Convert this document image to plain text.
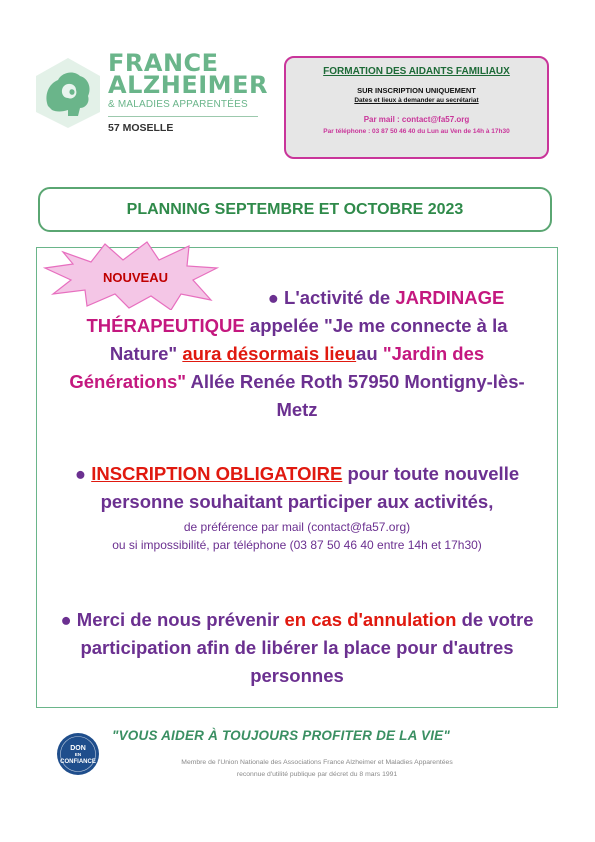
FRANCE
ALZHEIMER
& MALADIES APPARENTÉES
57 MOSELLE
FORMATION DES AIDANTS FAMILIAUX
SUR INSCRIPTION UNIQUEMENT
Dates et lieux à demander au secrétariat
Par mail : contact@fa57.org
Par téléphone : 03 87 50 46 40 du Lun au Ven de 14h à 17h30
PLANNING SEPTEMBRE ET OCTOBRE 2023
NOUVEAU
● L'activité de JARDINAGE THÉRAPEUTIQUE appelée "Je me connecte à la Nature" aura désormais lieuau "Jardin des Générations" Allée Renée Roth 57950 Montigny-lès-Metz
● INSCRIPTION OBLIGATOIRE pour toute nouvelle personne souhaitant participer aux activités,
de préférence par mail (contact@fa57.org)
ou si impossibilité, par téléphone (03 87 50 46 40 entre 14h et 17h30)
● Merci de nous prévenir en cas d'annulation de votre participation afin de libérer la place pour d'autres personnes
DON
EN
CONFIANCE
"VOUS AIDER À TOUJOURS PROFITER DE LA VIE"
Membre de l'Union Nationale des Associations France Alzheimer et Maladies Apparentées
reconnue d'utilité publique par décret du 8 mars 1991
